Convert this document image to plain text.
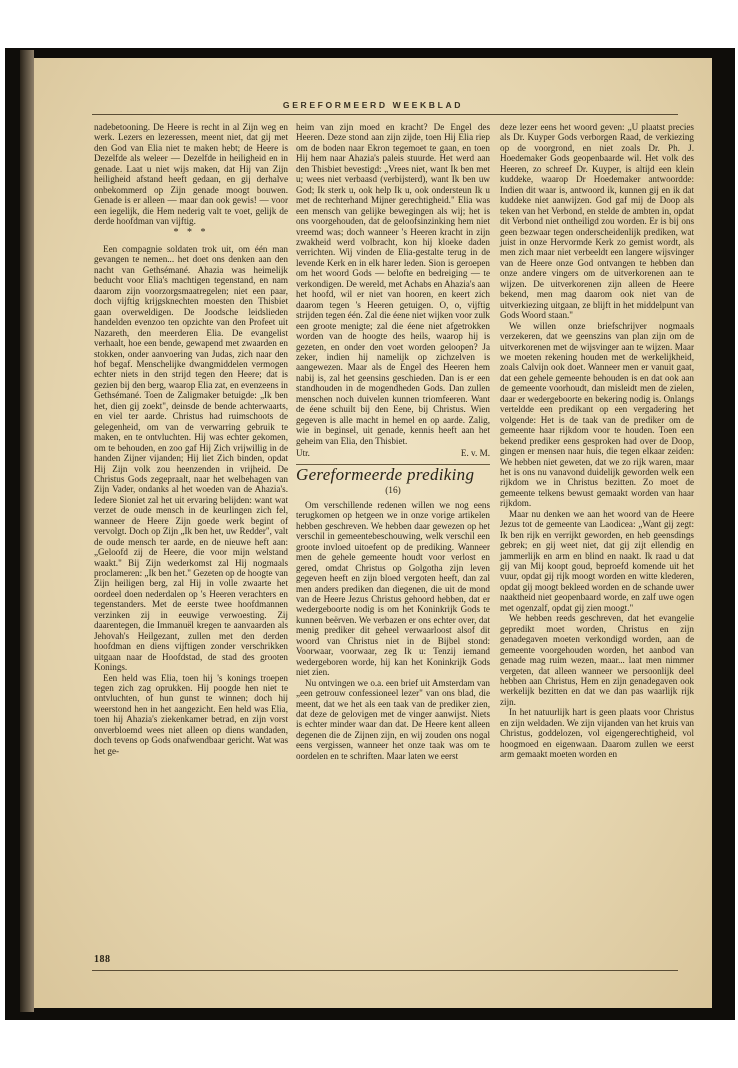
GEREFORMEERD WEEKBLAD

nadebetooning. De Heere is recht in al Zijn weg en werk. Lezers en lezeressen, meent niet, dat gij met den God van Elia niet te maken hebt; de Heere is Dezelfde als weleer — Dezelfde in heiligheid en in genade. Laat u niet wijs maken, dat Hij van Zijn heiligheid afstand heeft gedaan, en gij derhalve onbekommerd op Zijn genade moogt bouwen. Genade is er alleen — maar dan ook gewis! — voor een iegelijk, die Hem nederig valt te voet, gelijk de derde hoofdman van vijftig.

* * *

Een compagnie soldaten trok uit, om één man gevangen te nemen... het doet ons denken aan den nacht van Gethsémané. Ahazia was heimelijk beducht voor Elia's machtigen tegenstand, en nam daarom zijn voorzorgsmaatregelen; niet een paar, doch vijftig krijgsknechten moesten den Thisbiet gaan overweldigen. De Joodsche leidslieden handelden evenzoo ten opzichte van den Profeet uit Nazareth, den meerderen Elia. De evangelist verhaalt, hoe een bende, gewapend met zwaarden en stokken, onder aanvoering van Judas, zich naar den hof begaf. Menschelijke dwangmiddelen vermogen echter niets in den strijd tegen den Heere; dat is gezien bij den berg, waarop Elia zat, en evenzeens in Gethsémané. Toen de Zaligmaker betuigde: „Ik ben het, dien gij zoekt", deinsde de bende achterwaarts, en viel ter aarde. Christus had ruimschoots de gelegenheid, om van de verwarring gebruik te maken, en te ontvluchten. Hij was echter gekomen, om te behouden, en zoo gaf Hij Zich vrijwillig in de handen Zijner vijanden; Hij liet Zich binden, opdat Hij Zijn volk zou heenzenden in vrijheid. De Christus Gods zegepraalt, naar het welbehagen van Zijn Vader, ondanks al het woeden van de Ahazia's. Iedere Sioniet zal het uit ervaring belijden: want wat verzet de oude mensch in de keurlingen zich fel, wanneer de Heere Zijn goede werk begint of vervolgt. Doch op Zijn „Ik ben het, uw Redder", valt de oude mensch ter aarde, en de nieuwe heft aan: „Geloofd zij de Heere, die voor mijn welstand waakt." Bij Zijn wederkomst zal Hij nogmaals proclameren: „Ik ben het." Gezeten op de hoogte van Zijn heiligen berg, zal Hij in volle zwaarte het oordeel doen nederdalen op 's Heeren verachters en tegenstanders. Met de eerste twee hoofdmannen verzinken zij in eeuwige verwoesting. Zij daarentegen, die Immanuël kregen te aanvaarden als Jehovah's Heilgezant, zullen met den derden hoofdman en diens vijftigen zonder verschrikken uitgaan naar de Hoofdstad, de stad des grooten Konings.

Een held was Elia, toen hij 's konings troepen tegen zich zag oprukken. Hij poogde hen niet te ontvluchten, of hun gunst te winnen; doch hij weerstond hen in het aangezicht. Een held was Elia, toen hij Ahazia's ziekenkamer betrad, en zijn vorst onverbloemd wees niet alleen op diens wandaden, doch tevens op Gods onafwendbaar gericht. Wat was het ge-

heim van zijn moed en kracht? De Engel des Heeren. Deze stond aan zijn zijde, toen Hij Elia riep om de boden naar Ekron tegemoet te gaan, en toen Hij hem naar Ahazia's paleis stuurde. Het werd aan den Thisbiet bevestigd: „Vrees niet, want Ik ben met u; wees niet verbaasd (verbijsterd), want Ik ben uw God; Ik sterk u, ook help Ik u, ook ondersteun Ik u met de rechterhand Mijner gerechtigheid." Elia was een mensch van gelijke bewegingen als wij; het is ons voorgehouden, dat de geloofsinzinking hem niet vreemd was; doch wanneer 's Heeren kracht in zijn zwakheid werd volbracht, kon hij kloeke daden verrichten. Wij vinden de Elia-gestalte terug in de levende Kerk en in elk harer leden. Sion is geroepen om het woord Gods — belofte en bedreiging — te verkondigen. De wereld, met Achabs en Ahazia's aan het hoofd, wil er niet van hooren, en keert zich daarom tegen 's Heeren getuigen. O, o, vijftig strijden tegen één. Zal die éene niet wijken voor zulk een groote menigte; zal die éene niet afgetrokken worden van de hoogte des heils, waarop hij is gezeten, en onder den voet worden geloopen? Ja zeker, indien hij namelijk op zichzelven is aangewezen. Maar als de Engel des Heeren hem nabij is, zal het geensins geschieden. Dan is er een standhouden in de mogendheden Gods. Dan zullen menschen noch duivelen kunnen triomfeeren. Want de éene schuilt bij den Eene, bij Christus. Wien gegeven is alle macht in hemel en op aarde. Zalig, wie in beginsel, uit genade, kennis heeft aan het geheim van Elia, den Thisbiet.

Utr.	E. v. M.

Gereformeerde prediking

(16)

Om verschillende redenen willen we nog eens terugkomen op hetgeen we in onze vorige artikelen hebben geschreven. We hebben daar gewezen op het verschil in gemeentebeschouwing, welk verschil een groote invloed uitoefent op de prediking. Wanneer men de gehele gemeente houdt voor verlost en gered, omdat Christus op Golgotha zijn leven gegeven heeft en zijn bloed vergoten heeft, dan zal men anders prediken dan diegenen, die uit de mond van de Heere Jezus Christus gehoord hebben, dat er wedergeboorte nodig is om het Koninkrijk Gods te kunnen beërven. We verbazen er ons echter over, dat menig prediker dit geheel verwaarloost alsof dit woord van Christus niet in de Bijbel stond: Voorwaar, voorwaar, zeg Ik u: Tenzij iemand wedergeboren worde, hij kan het Koninkrijk Gods niet zien.

Nu ontvingen we o.a. een brief uit Amsterdam van „een getrouw confessioneel lezer" van ons blad, die meent, dat we het als een taak van de prediker zien, dat deze de gelovigen met de vinger aanwijst. Niets is echter minder waar dan dat. De Heere kent alleen degenen die de Zijnen zijn, en wij zouden ons nogal eens vergissen, wanneer het onze taak was om te oordelen en te schriften. Maar laten we eerst

deze lezer eens het woord geven: „U plaatst precies als Dr. Kuyper Gods verborgen Raad, de verkiezing op de voorgrond, en niet zoals Dr. Ph. J. Hoedemaker Gods geopenbaarde wil. Het volk des Heeren, zo schreef Dr. Kuyper, is altijd een klein kuddeke, waarop Dr Hoedemaker antwoordde: Indien dit waar is, antwoord ik, kunnen gij en ik dat kuddeke niet aanwijzen. God gaf mij de Doop als teken van het Verbond, en stelde de ambten in, opdat dit Verbond niet ontheiligd zou worden. Er is bij ons geen bezwaar tegen onderscheidenlijk prediken, wat juist in onze Hervormde Kerk zo gemist wordt, als men zich maar niet verbeeldt een langere wijsvinger van de Heere onze God ontvangen te hebben dan onze andere vingers om de uitverkorenen aan te wijzen. De uitverkorenen zijn alleen de Heere bekend, men mag daarom ook niet van de uitverkiezing uitgaan, ze blijft in het middelpunt van Gods Woord staan."

We willen onze briefschrijver nogmaals verzekeren, dat we geenszins van plan zijn om de uitverkorenen met de wijsvinger aan te wijzen. Maar we moeten rekening houden met de werkelijkheid, zoals Calvijn ook doet. Wanneer men er vanuit gaat, dat een gehele gemeente behouden is en dat ook aan de gemeente voorhoudt, dan misleidt men de zielen, daar er wedergeboorte en bekering nodig is. Onlangs verteldde een predikant op een vergadering het volgende: Het is de taak van de prediker om de gemeente haar rijkdom voor te houden. Toen een bekend prediker eens gesproken had over de Doop, gingen er mensen naar huis, die tegen elkaar zeiden: We hebben niet geweten, dat we zo rijk waren, maar het is ons nu vanavond duidelijk geworden welk een rijkdom we in Christus bezitten. Zo moet de gemeente telkens bewust gemaakt worden van haar rijkdom.

Maar nu denken we aan het woord van de Heere Jezus tot de gemeente van Laodicea: „Want gij zegt: Ik ben rijk en verrijkt geworden, en heb geensdings gebrek; en gij weet niet, dat gij zijt ellendig en jammerlijk en arm en blind en naakt. Ik raad u dat gij van Mij koopt goud, beproefd komende uit het vuur, opdat gij rijk moogt worden en witte klederen, opdat gij moogt bekleed worden en de schande uwer naaktheid niet geopenbaard worde, en zalf uwe ogen met ogenzalf, opdat gij zien moogt."

We hebben reeds geschreven, dat het evangelie gepredikt moet worden, Christus en zijn genadegaven moeten verkondigd worden, aan de gemeente voorgehouden worden, het aanbod van genade mag ruim wezen, maar... laat men nimmer vergeten, dat alleen wanneer we persoonlijk deel hebben aan Christus, Hem en zijn genadegaven ook werkelijk bezitten en dat we dan pas waarlijk rijk zijn.

In het natuurlijk hart is geen plaats voor Christus en zijn weldaden. We zijn vijanden van het kruis van Christus, goddelozen, vol eigengerechtigheid, vol hoogmoed en eigenwaan. Daarom zullen we eerst arm gemaakt moeten worden en

188
